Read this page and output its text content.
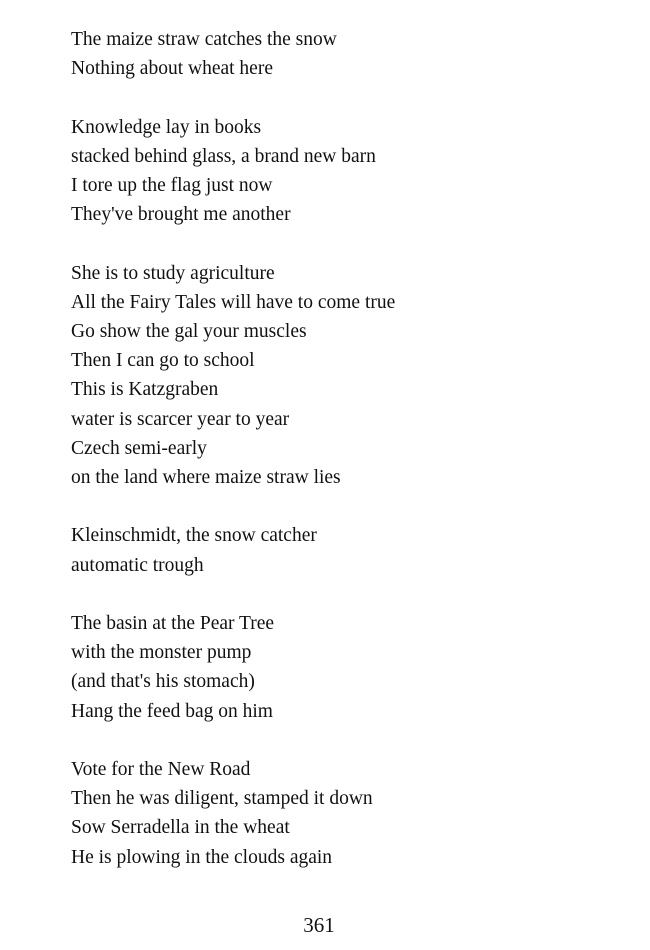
The maize straw catches the snow
Nothing about wheat here
Knowledge lay in books
stacked behind glass, a brand new barn
I tore up the flag just now
They've brought me another
She is to study agriculture
All the Fairy Tales will have to come true
Go show the gal your muscles
Then I can go to school
This is Katzgraben
water is scarcer year to year
Czech semi-early
on the land where maize straw lies
Kleinschmidt, the snow catcher
automatic trough
The basin at the Pear Tree
with the monster pump
(and that's his stomach)
Hang the feed bag on him
Vote for the New Road
Then he was diligent, stamped it down
Sow Serradella in the wheat
He is plowing in the clouds again
361
